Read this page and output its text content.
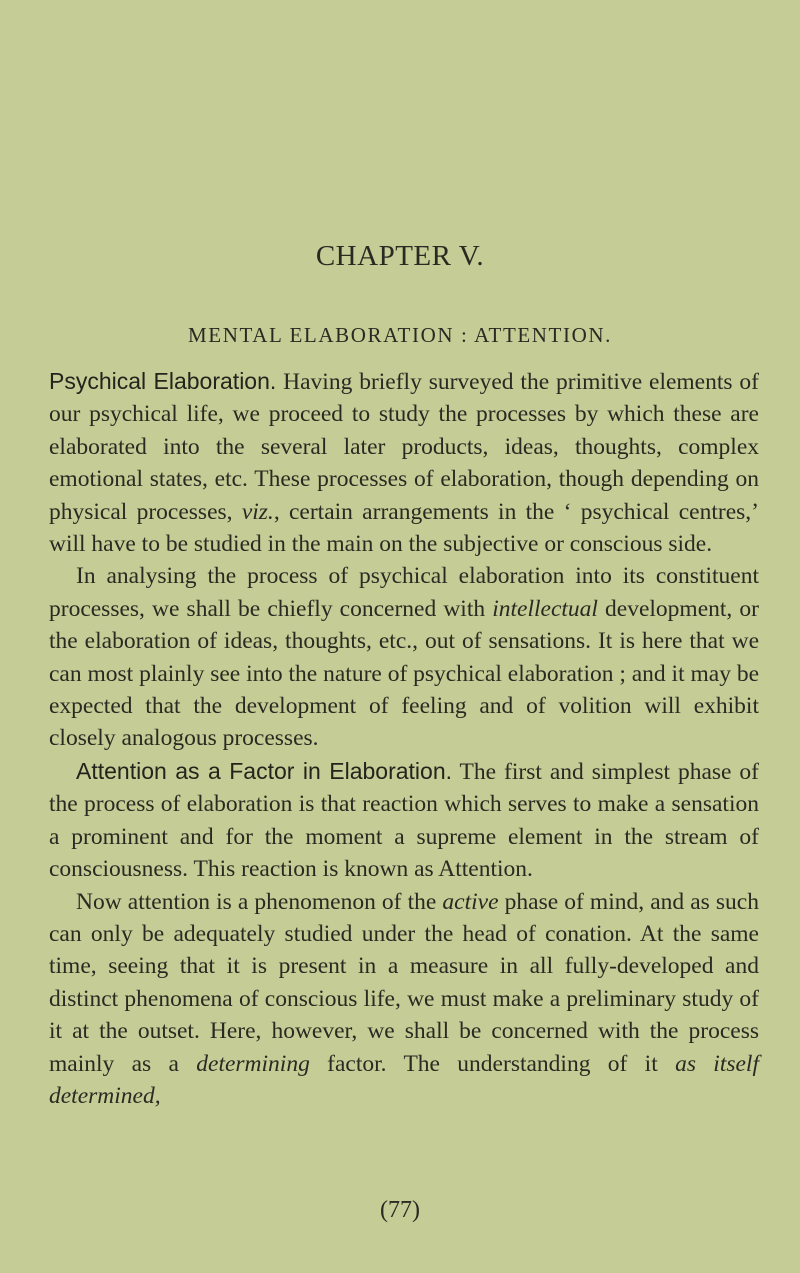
CHAPTER V.
MENTAL ELABORATION : ATTENTION.

Psychical Elaboration. Having briefly surveyed the primitive elements of our psychical life, we proceed to study the processes by which these are elaborated into the several later products, ideas, thoughts, complex emotional states, etc. These processes of elaboration, though depending on physical processes, viz., certain arrangements in the ‘ psychical centres,’ will have to be studied in the main on the subjective or conscious side.

In analysing the process of psychical elaboration into its constituent processes, we shall be chiefly concerned with intellectual development, or the elaboration of ideas, thoughts, etc., out of sensations. It is here that we can most plainly see into the nature of psychical elaboration ; and it may be expected that the development of feeling and of volition will exhibit closely analogous processes.

Attention as a Factor in Elaboration. The first and simplest phase of the process of elaboration is that reaction which serves to make a sensation a prominent and for the moment a supreme element in the stream of consciousness. This reaction is known as Attention.

Now attention is a phenomenon of the active phase of mind, and as such can only be adequately studied under the head of conation. At the same time, seeing that it is present in a measure in all fully-developed and distinct phenomena of conscious life, we must make a preliminary study of it at the outset. Here, however, we shall be concerned with the process mainly as a determining factor. The understanding of it as itself determined,

(77)
